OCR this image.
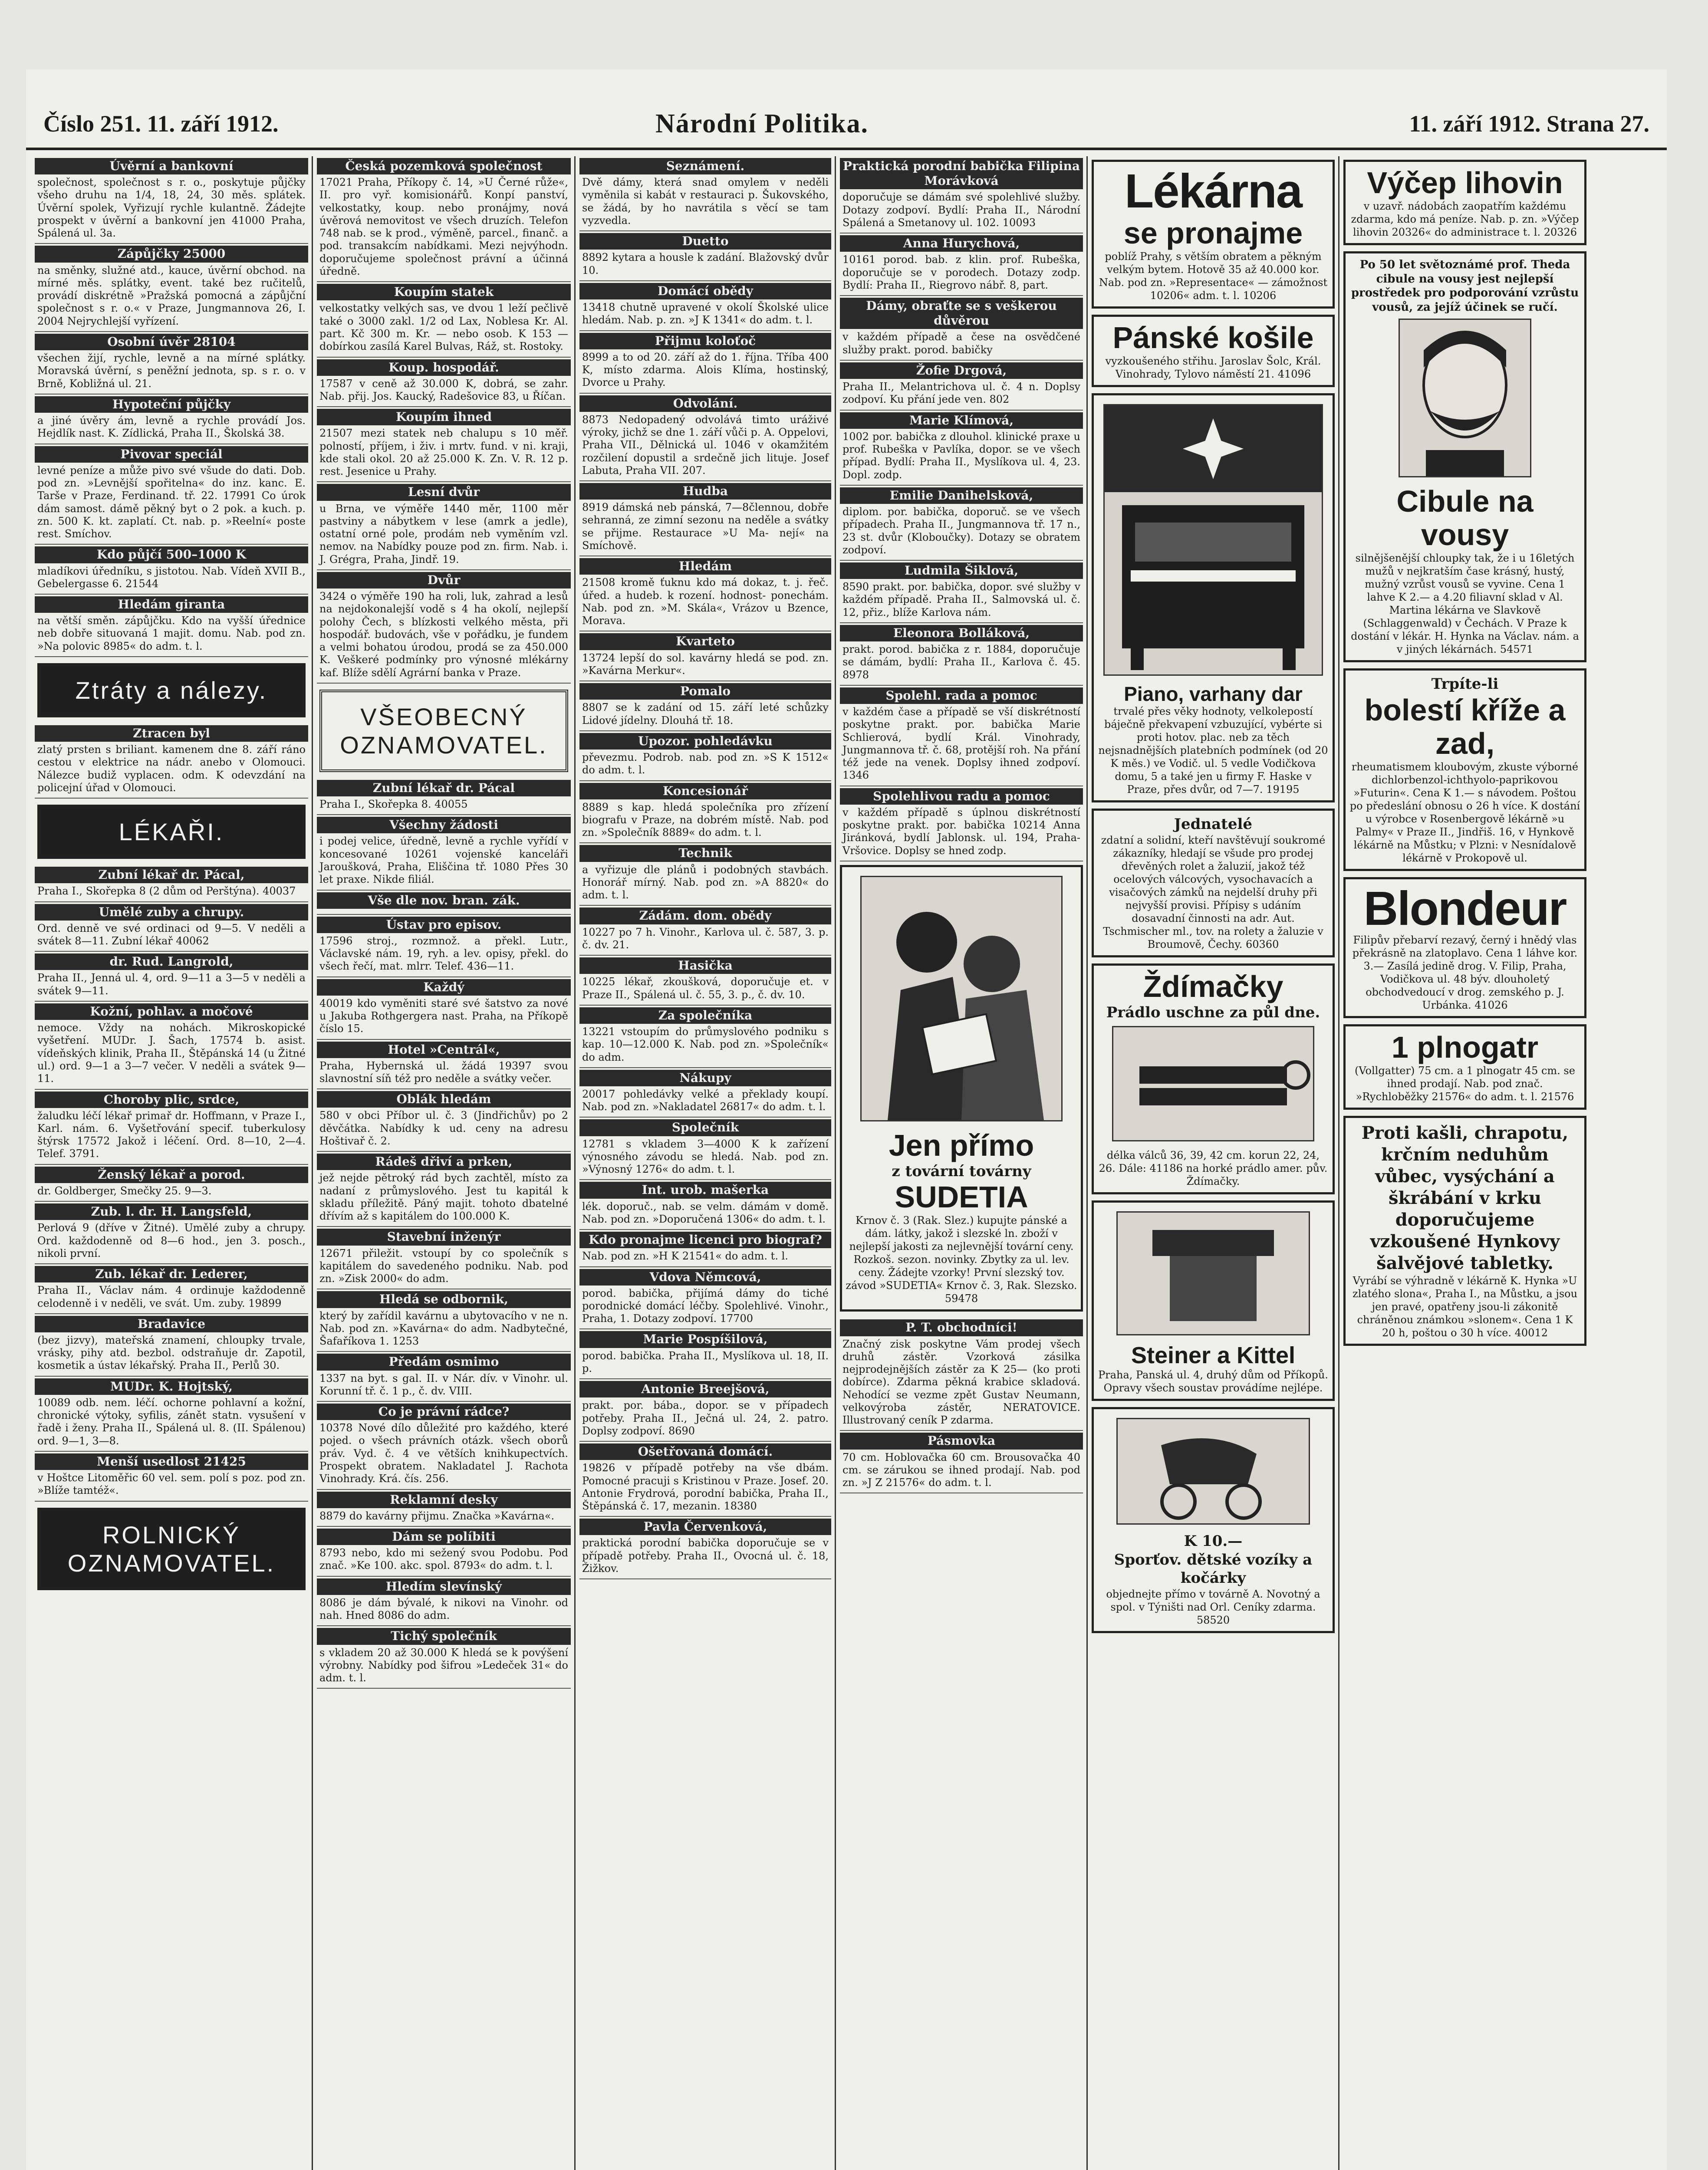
Číslo 251. 11. září 1912.	Národní Politika.	11. září 1912. Strana 27.
Úvěrní a bankovní
společnost, společnost s r. o., poskytuje půjčky všeho druhu na 1/4, 18, 24, 30 měs. splátek. Úvěrní spolek, Vyřizují rychle kulantně. Žádejte prospekt v úvěrní a bankovní jen 41000 Praha, Spálená ul. 3a.
Zápůjčky 25000
na směnky, služné atd., kauce, úvěrní obchod. na mírné měs. splátky, event. také bez ručitelů, provádí diskrétně »Pražská pomocná a zápůjční společnost s r. o.« v Praze, Jungmannova 26, I. 2004 Nejrychlejší vyřízení.
Osobní úvěr 28104
všechen žijí, rychle, levně a na mírné splátky. Moravská úvěrní, s peněžní jednota, sp. s r. o. v Brně, Kobližná ul. 21.
Hypoteční půjčky
a jiné úvěry ám, levně a rychle provádí Jos. Hejdlík nast. K. Zídlická, Praha II., Školská 38.
Pivovar speciál
levné peníze a může pivo své všude do dati. Dob. pod zn. »Levnější spořitelna« do inz. kanc. E. Tarše v Praze, Ferdinand. tř. 22. 17991 Co úrok dám samost. dámě pěkný byt o 2 pok. a kuch. p. zn. 500 K. kt. zaplatí. Ct. nab. p. »Reelní« poste rest. Smíchov.
Kdo půjčí 500–1000 K
mladíkovi úředníku, s jistotou. Nab. Vídeň XVII B., Gebelergasse 6. 21544
Hledám giranta
na větší směn. zápůjčku. Kdo na vyšší úřednice neb dobře situovaná 1 majit. domu. Nab. pod zn. »Na polovic 8985« do adm. t. l.
Ztráty a nálezy.
Ztracen byl
zlatý prsten s briliant. kamenem dne 8. září ráno cestou v elektrice na nádr. anebo v Olomouci. Nálezce budiž vyplacen. odm. K odevzdání na policejní úřad v Olomouci.
LÉKAŘI.
Zubní lékař dr. Pácal,
Praha I., Skořepka 8 (2 dům od Perštýna). 40037
Umělé zuby a chrupy.
Ord. denně ve své ordinaci od 9—5. V neděli a svátek 8—11. Zubní lékař 40062
dr. Rud. Langrold,
Praha II., Jenná ul. 4, ord. 9—11 a 3—5 v neděli a svátek 9—11.
Kožní, pohlav. a močové
nemoce. Vždy na nohách. Mikroskopické vyšetření. MUDr. J. Šach, 17574 b. asist. vídeňských klinik, Praha II., Štěpánská 14 (u Žitné ul.) ord. 9—1 a 3—7 večer. V neděli a svátek 9—11.
Choroby plic, srdce,
žaludku léčí lékař primař dr. Hoffmann, v Praze I., Karl. nám. 6. Vyšetřování specif. tuberkulosy štýrsk 17572 Jakož i léčení. Ord. 8—10, 2—4. Telef. 3791.
Ženský lékař a porod.
dr. Goldberger, Smečky 25. 9—3.
Zub. l. dr. H. Langsfeld,
Perlová 9 (dříve v Žitné). Umělé zuby a chrupy. Ord. každodenně od 8—6 hod., jen 3. posch., nikoli první.
Zub. lékař dr. Lederer,
Praha II., Václav nám. 4 ordinuje každodenně celodenně i v neděli, ve svát. Um. zuby. 19899
Bradavice
(bez jizvy), mateřská znamení, chloupky trvale, vrásky, pihy atd. bezbol. odstraňuje dr. Zapotil, kosmetik a ústav lékařský. Praha II., Perlů 30.
MUDr. K. Hojtský,
10089 odb. nem. léčí. ochorne pohlavní a kožní, chronické výtoky, syfilis, zánět statn. vysušení v řadě i ženy. Praha II., Spálená ul. 8. (II. Spálenou) ord. 9—1, 3—8.
Menší usedlost 21425
v Hoštce Litoměřic 60 vel. sem. polí s poz. pod zn. »Blíže tamtéž«.
ROLNICKÝ OZNAMOVATEL.
Česká pozemková společnost
17021 Praha, Příkopy č. 14, »U Černé růže«, II. pro vyř. komisionářů. Konpí panství, velkostatky, koup. nebo pronájmy, nová úvěrová nemovitost ve všech druzích. Telefon 748 nab. se k prod., výměně, parcel., finanč. a pod. transakcím nabídkami. Mezi nejvýhodn. doporučujeme společnost právní a účinná úředně.
Koupím statek
velkostatky velkých sas, ve dvou 1 leží pečlivě také o 3000 zakl. 1/2 od Lax, Noblesa Kr. Al. part. Kč 300 m. Kr. — nebo osob. K 153 — dobírkou zasílá Karel Bulvas, Ráž, st. Rostoky.
Koup. hospodář.
17587 v ceně až 30.000 K, dobrá, se zahr. Nab. přij. Jos. Kaucký, Radešovice 83, u Říčan.
Koupím ihned
21507 mezi statek neb chalupu s 10 měř. polností, příjem, i živ. i mrtv. fund. v ni. kraji, kde stali okol. 20 až 25.000 K. Zn. V. R. 12 p. rest. Jesenice u Prahy.
Lesní dvůr
u Brna, ve výměře 1440 měr, 1100 měr pastviny a nábytkem v lese (amrk a jedle), ostatní orné pole, prodám neb vyměním vzl. nemov. na Nabídky pouze pod zn. firm. Nab. i. J. Grégra, Praha, Jindř. 19.
Dvůr
3424 o výměře 190 ha roli, luk, zahrad a lesů na nejdokonalejší vodě s 4 ha okolí, nejlepší polohy Čech, s blízkosti velkého města, při hospodář. budovách, vše v pořádku, je fundem a velmi bohatou úrodou, prodá se za 450.000 K. Veškeré podmínky pro výnosné mlékárny kaf. Blíže sdělí Agrární banka v Praze.
VŠEOBECNÝ OZNAMOVATEL.
Zubní lékař dr. Pácal
Praha I., Skořepka 8. 40055
Všechny žádosti
i podej velice, úředně, levně a rychle vyřídí v koncesované 10261 vojenské kanceláři Jaroušková, Praha, Eliščina tř. 1080 Přes 30 let praxe. Nikde filiál.
Vše dle nov. bran. zák.
Ústav pro episov.
17596 stroj., rozmnož. a překl. Lutr., Václavské nám. 19, ryh. a lev. opisy, překl. do všech řečí, mat. mlrr. Telef. 436—11.
Každý
40019 kdo vyměniti staré své šatstvo za nové u Jakuba Rothgergera nast. Praha, na Příkopě číslo 15.
Hotel »Centrál«,
Praha, Hybernská ul. žádá 19397 svou slavnostní síň též pro neděle a svátky večer.
Oblák hledám
580 v obci Příbor ul. č. 3 (Jindřichův) po 2 děvčátka. Nabídky k ud. ceny na adresu Hoštivař č. 2.
Rádeš dřiví a prken,
jež nejde pětroký rád bych zachtěl, místo za nadaní z průmyslového. Jest tu kapitál k skladu příležitě. Páný majit. tohoto dbatelné dřívím až s kapitálem do 100.000 K.
Stavební inženýr
12671 přiležit. vstoupí by co společník s kapitálem do savedeného podniku. Nab. pod zn. »Zisk 2000« do adm.
Hledá se odbornik,
který by zařídil kavárnu a ubytovacího v ne n. Nab. pod zn. »Kavárna« do adm. Nadbytečné, Šafaříkova 1. 1253
Předám osmimo
1337 na byt. s gal. II. v Nár. dív. v Vinohr. ul. Korunní tř. č. 1 p., č. dv. VIII.
Co je právní rádce?
10378 Nové dílo důležité pro každého, které pojed. o všech právních otázk. všech oborů práv. Vyd. č. 4 ve větších knihkupectvích. Prospekt obratem. Nakladatel J. Rachota Vinohrady. Krá. čís. 256.
Reklamní desky
8879 do kavárny přijmu. Značka »Kavárna«.
Dám se políbiti
8793 nebo, kdo mi sežený svou Podobu. Pod znač. »Ke 100. akc. spol. 8793« do adm. t. l.
Hledím slevínský
8086 je dám bývalé, k nikovi na Vinohr. od nah. Hned 8086 do adm.
Tichý společník
s vkladem 20 až 30.000 K hledá se k povýšení výrobny. Nabídky pod šifrou »Ledeček 31« do adm. t. l.
Seznámení.
Dvě dámy, která snad omylem v neděli vyměnila si kabát v restauraci p. Šukovského, se žádá, by ho navrátila s věcí se tam vyzvedla.
Duetto
8892 kytara a housle k zadání. Blažovský dvůr 10.
Domácí obědy
13418 chutně upravené v okolí Školské ulice hledám. Nab. p. zn. »J K 1341« do adm. t. l.
Přijmu koloťoč
8999 a to od 20. září až do 1. října. Tříba 400 K, místo zdarma. Alois Klíma, hostinský, Dvorce u Prahy.
Odvolání.
8873 Nedopadený odvolává timto uráživé výroky, jichž se dne 1. září vůči p. A. Oppelovi, Praha VII., Dělnická ul. 1046 v okamžitém rozčilení dopustil a srdečně jich lituje. Josef Labuta, Praha VII. 207.
Hudba
8919 dámská neb pánská, 7—8člennou, dobře sehranná, ze zimní sezonu na neděle a svátky se přijme. Restaurace »U Ma- nejí« na Smíchově.
Hledám
21508 kromě ťuknu kdo má dokaz, t. j. řeč. úřed. a hudeb. k rození. hodnost- ponechám. Nab. pod zn. »M. Skála«, Vrázov u Bzence, Morava.
Kvarteto
13724 lepší do sol. kavárny hledá se pod. zn. »Kavárna Merkur«.
Pomalo
8807 se k zadání od 15. září leté schůzky Lidové jídelny. Dlouhá tř. 18.
Upozor. pohledávku
převezmu. Podrob. nab. pod zn. »S K 1512« do adm. t. l.
Koncesionář
8889 s kap. hledá společníka pro zřízení biografu v Praze, na dobrém místě. Nab. pod zn. »Společník 8889« do adm. t. l.
Technik
a vyřizuje dle plánů i podobných stavbách. Honorář mírný. Nab. pod zn. »A 8820« do adm. t. l.
Zádám. dom. obědy
10227 po 7 h. Vinohr., Karlova ul. č. 587, 3. p. č. dv. 21.
Hasička
10225 lékař, zkoušková, doporučuje et. v Praze II., Spálená ul. č. 55, 3. p., č. dv. 10.
Za společníka
13221 vstoupím do průmyslového podniku s kap. 10—12.000 K. Nab. pod zn. »Společník« do adm.
Nákupy
20017 pohledávky velké a překlady koupí. Nab. pod zn. »Nakladatel 26817« do adm. t. l.
Společník
12781 s vkladem 3—4000 K k zařízení výnosného závodu se hledá. Nab. pod zn. »Výnosný 1276« do adm. t. l.
Int. urob. mašerka
lék. doporuč., nab. se velm. dámám v domě. Nab. pod zn. »Doporučená 1306« do adm. t. l.
Kdo pronajme licenci pro biograf?
Nab. pod zn. »H K 21541« do adm. t. l.
Vdova Němcová,
porod. babička, přijímá dámy do tiché porodnické domácí léčby. Spolehlivé. Vinohr., Praha, 1. Dotazy zodpoví. 17700
Marie Pospíšilová,
porod. babička. Praha II., Myslíkova ul. 18, II. p.
Antonie Breejšová,
prakt. por. bába., dopor. se v případech potřeby. Praha II., Ječná ul. 24, 2. patro. Doplsy zodpoví. 8690
Ošetřovaná domácí.
19826 v případě potřeby na vše dbám. Pomocné pracuji s Kristinou v Praze. Josef. 20. Antonie Frydrová, porodní babička, Praha II., Štěpánská č. 17, mezanin. 18380
Pavla Červenková,
praktická porodní babička doporučuje se v případě potřeby. Praha II., Ovocná ul. č. 18, Žižkov.
Praktická porodní babička Filipina Morávková
doporučuje se dámám své spolehlivé služby. Dotazy zodpoví. Bydlí: Praha II., Národní Spálená a Smetanovy ul. 102. 10093
Anna Hurychová,
10161 porod. bab. z klin. prof. Rubeška, doporučuje se v porodech. Dotazy zodp. Bydlí: Praha II., Riegrovo nábř. 8, part.
Dámy, obraťte se s veškerou důvěrou
v každém případě a čese na osvědčené služby prakt. porod. babičky
Žofie Drgová,
Praha II., Melantrichova ul. č. 4 n. Doplsy zodpoví. Ku přání jede ven. 802
Marie Klímová,
1002 por. babička z dlouhol. klinické praxe u prof. Rubeška v Pavlíka, dopor. se ve všech případ. Bydlí: Praha II., Myslíkova ul. 4, 23. Dopl. zodp.
Emilie Danihelsková,
diplom. por. babička, doporuč. se ve všech případech. Praha II., Jungmannova tř. 17 n., 23 st. dvůr (Kloboučky). Dotazy se obratem zodpoví.
Ludmila Šiklová,
8590 prakt. por. babička, dopor. své služby v každém případě. Praha II., Salmovská ul. č. 12, přiz., blíže Karlova nám.
Eleonora Bolláková,
prakt. porod. babička z r. 1884, doporučuje se dámám, bydlí: Praha II., Karlova č. 45. 8978
Spolehl. rada a pomoc
v každém čase a případě se vší diskrétností poskytne prakt. por. babička Marie Schlierová, bydlí Král. Vinohrady, Jungmannova tř. č. 68, protější roh. Na přání též jede na venek. Doplsy ihned zodpoví. 1346
Spolehlivou radu a pomoc
v každém případě s úplnou diskrétností poskytne prakt. por. babička 10214 Anna Jiránková, bydlí Jablonsk. ul. 194, Praha-Vršovice. Doplsy se hned zodp.
Jen přímo
z tovární továrny
SUDETIA
Krnov č. 3 (Rak. Slez.) kupujte pánské a dám. látky, jakož i slezské ln. zboží v nejlepší jakosti za nejlevnější tovární ceny. Rozkoš. sezon. novinky. Zbytky za ul. lev. ceny. Žádejte vzorky! První slezský tov. závod »SUDETIA« Krnov č. 3, Rak. Slezsko. 59478
P. T. obchodníci!
Značný zisk poskytne Vám prodej všech druhů zástěr. Vzorková zásilka nejprodejnějších zástěr za K 25— (ko proti dobírce). Zdarma pěkná krabice skladová. Nehodící se vezme zpět Gustav Neumann, velkovýroba zástěr, NERATOVICE. Illustrovaný ceník P zdarma.
Pásmovka
70 cm. Hoblovačka 60 cm. Brousovačka 40 cm. se zárukou se ihned prodají. Nab. pod zn. »J Z 21576« do adm. t. l.
Lékárna
se pronajme
poblíž Prahy, s větším obratem a pěkným velkým bytem. Hotově 35 až 40.000 kor. Nab. pod zn. »Representace« — zámožnost 10206« adm. t. l. 10206
Pánské košile
vyzkoušeného střihu. Jaroslav Šolc, Král. Vinohrady, Tylovo náměstí 21. 41096
Piano, varhany dar
trvalé přes věky hodnoty, velkolepostí báječně překvapení vzbuzující, vybérte si proti hotov. plac. neb za těch nejsnadnějších platebních podmínek (od 20 K měs.) ve Vodič. ul. 5 vedle Vodičkova domu, 5 a také jen u firmy F. Haske v Praze, přes dvůr, od 7—7. 19195
Jednatelé
zdatní a solidní, kteří navštěvují soukromé zákazníky, hledají se všude pro prodej dřevěných rolet a žaluzií, jakož též ocelových válcových, vysochavacích a visačových zámků na nejdelší druhy při nejvyšší provisi. Přípisy s udáním dosavadní činnosti na adr. Aut. Tschmischer ml., tov. na rolety a žaluzie v Broumově, Čechy. 60360
Ždímačky
Prádlo uschne za půl dne.
délka válců 36, 39, 42 cm. korun 22, 24, 26. Dále: 41186 na horké prádlo amer. pův. Ždímačky.
Steiner a Kittel
Praha, Panská ul. 4, druhý dům od Příkopů. Opravy všech soustav provádíme nejlépe.
K 10.—
Sporťov. dětské vozíky a kočárky
objednejte přímo v továrně A. Novotný a spol. v Týništi nad Orl. Ceníky zdarma. 58520
Výčep lihovin
v uzavř. nádobách zaopatřím každému zdarma, kdo má peníze. Nab. p. zn. »Výčep lihovin 20326« do administrace t. l. 20326
Po 50 let světoznámé prof. Theda cibule na vousy jest nejlepší prostředek pro podporování vzrůstu vousů, za jejíž účinek se ručí.
Cibule na vousy
silnějšenější chloupky tak, že i u 16letých mužů v nejkratším čase krásný, hustý, mužný vzrůst vousů se vyvine. Cena 1 lahve K 2.— a 4.20 filiavní sklad v Al. Martina lékárna ve Slavkově (Schlaggenwald) v Čechách. V Praze k dostání v lékár. H. Hynka na Václav. nám. a v jiných lékárnách. 54571
Trpíte-li
bolestí kříže a zad,
rheumatismem kloubovým, zkuste výborné dichlorbenzol-ichthyolo-paprikovou »Futurin«. Cena K 1.— s návodem. Poštou po předeslání obnosu o 26 h více. K dostání u výrobce v Rosenbergově lékárně »u Palmy« v Praze II., Jindřiš. 16, v Hynkově lékárně na Můstku; v Plzni: v Nesnídalově lékárně v Prokopově ul.
Blondeur
Filipův přebarví rezavý, černý i hnědý vlas překrásně na zlatoplavo. Cena 1 láhve kor. 3.— Zasílá jedině drog. V. Filip, Praha, Vodičkova ul. 48 býv. dlouholetý obchodvedoucí v drog. zemského p. J. Urbánka. 41026
1 plnogatr
(Vollgatter) 75 cm. a 1 plnogatr 45 cm. se ihned prodají. Nab. pod znač. »Rychloběžky 21576« do adm. t. l. 21576
Proti kašli, chrapotu, krčním neduhům vůbec, vysýchání a škrábání v krku
doporučujeme vzkoušené Hynkovy šalvějové tabletky.
Vyrábí se výhradně v lékárně K. Hynka »U zlatého slona«, Praha I., na Můstku, a jsou jen pravé, opatřeny jsou-li zákonitě chráněnou známkou »slonem«. Cena 1 K 20 h, poštou o 30 h více. 40012
